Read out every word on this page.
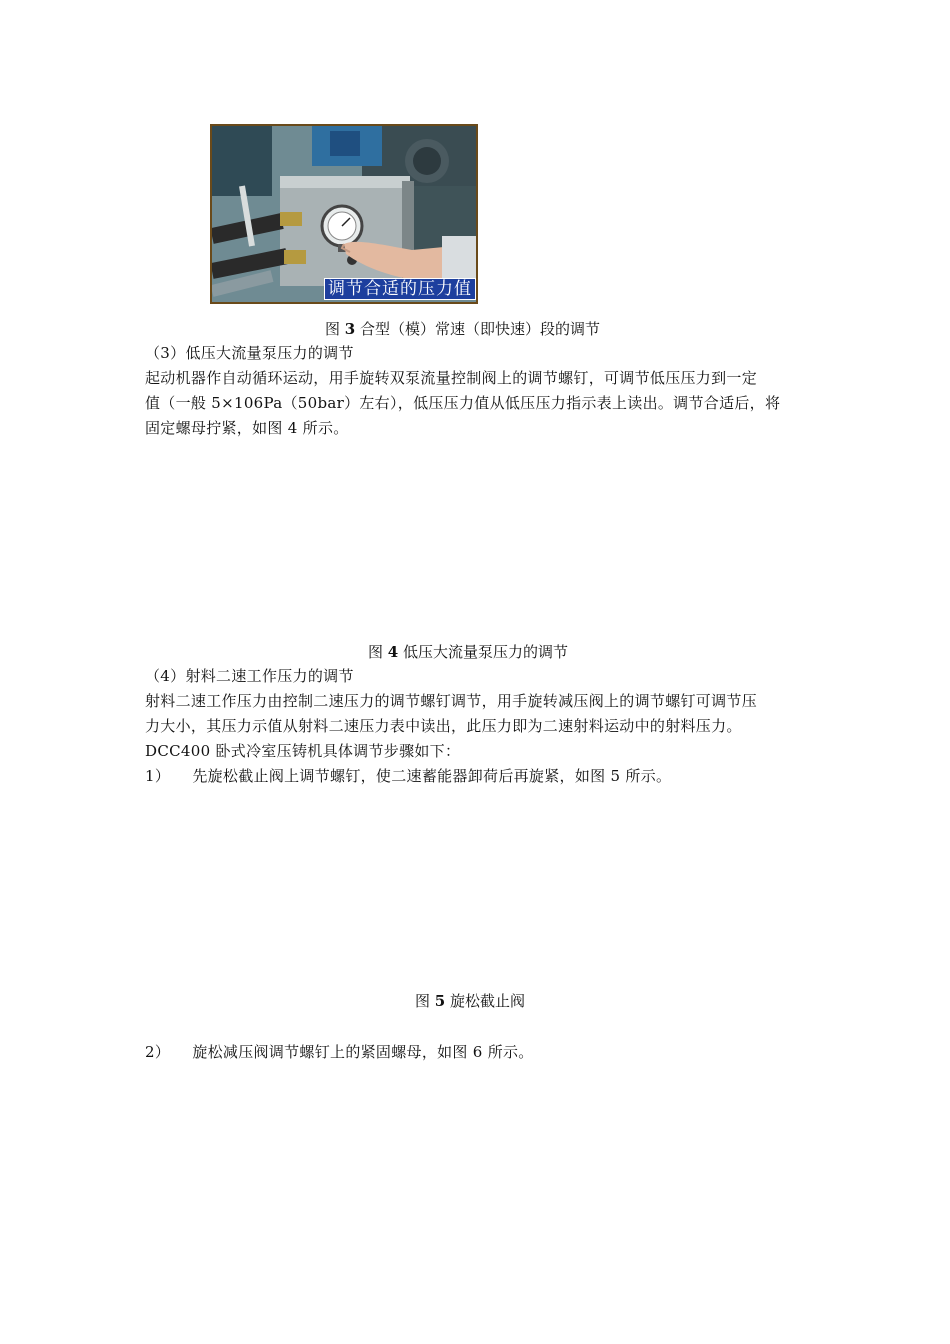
调节合适的压力值
图 3 合型（模）常速（即快速）段的调节
（3）低压大流量泵压力的调节
起动机器作自动循环运动，用手旋转双泵流量控制阀上的调节螺钉，可调节低压压力到一定
值（一般 5×106Pa（50bar）左右），低压压力值从低压压力指示表上读出。调节合适后，将
固定螺母拧紧，如图 4 所示。
图 4 低压大流量泵压力的调节
（4）射料二速工作压力的调节
射料二速工作压力由控制二速压力的调节螺钉调节，用手旋转减压阀上的调节螺钉可调节压
力大小，其压力示值从射料二速压力表中读出，此压力即为二速射料运动中的射料压力。
DCC400 卧式冷室压铸机具体调节步骤如下：
1） 先旋松截止阀上调节螺钉，使二速蓄能器卸荷后再旋紧，如图 5 所示。
图 5 旋松截止阀
2） 旋松减压阀调节螺钉上的紧固螺母，如图 6 所示。
